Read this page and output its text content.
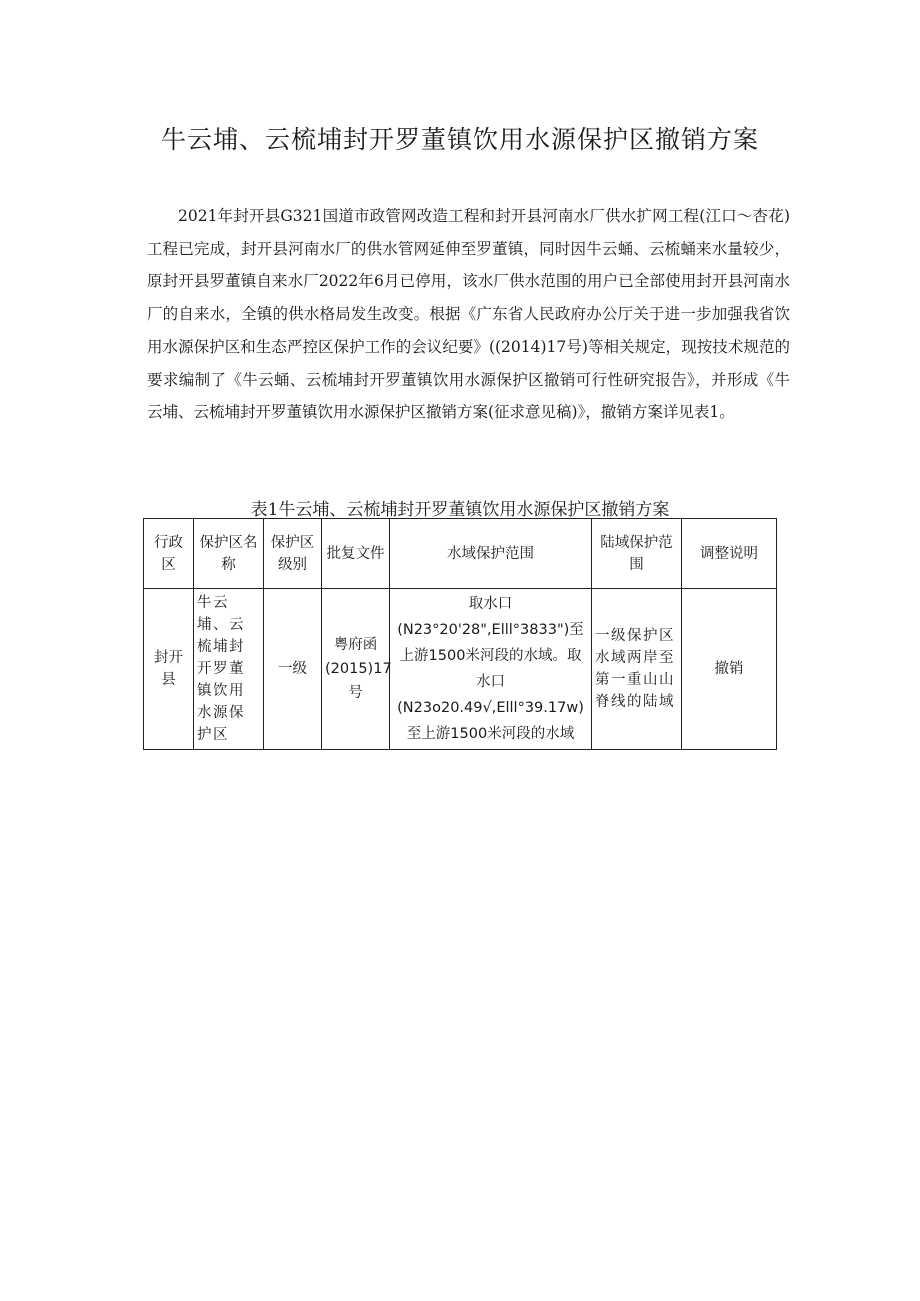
牛云埔、云梳埔封开罗董镇饮用水源保护区撤销方案

2021年封开县G321国道市政管网改造工程和封开县河南水厂供水扩网工程(江口～杏花)工程已完成，封开县河南水厂的供水管网延伸至罗董镇，同时因牛云蛹、云梳蛹来水量较少，原封开县罗董镇自来水厂2022年6月已停用，该水厂供水范围的用户已全部使用封开县河南水厂的自来水，全镇的供水格局发生改变。根据《广东省人民政府办公厅关于进一步加强我省饮用水源保护区和生态严控区保护工作的会议纪要》((2014)17号)等相关规定，现按技术规范的要求编制了《牛云蛹、云梳埔封开罗董镇饮用水源保护区撤销可行性研究报告》，并形成《牛云埔、云梳埔封开罗董镇饮用水源保护区撤销方案(征求意见稿)》，撤销方案详见表1。

表1牛云埔、云梳埔封开罗董镇饮用水源保护区撤销方案

行政区	保护区名称	保护区级别	批复文件	水域保护范围	陆域保护范围	调整说明
封开县	牛云埔、云梳埔封开罗董镇饮用水源保护区	一级	粤府函(2015)17号	取水口(N23°20'28",Elll°3833")至上游1500米河段的水域。取水口(N23o20.49√,Elll°39.17w)至上游1500米河段的水域	一级保护区水域两岸至第一重山山脊线的陆域	撤销
